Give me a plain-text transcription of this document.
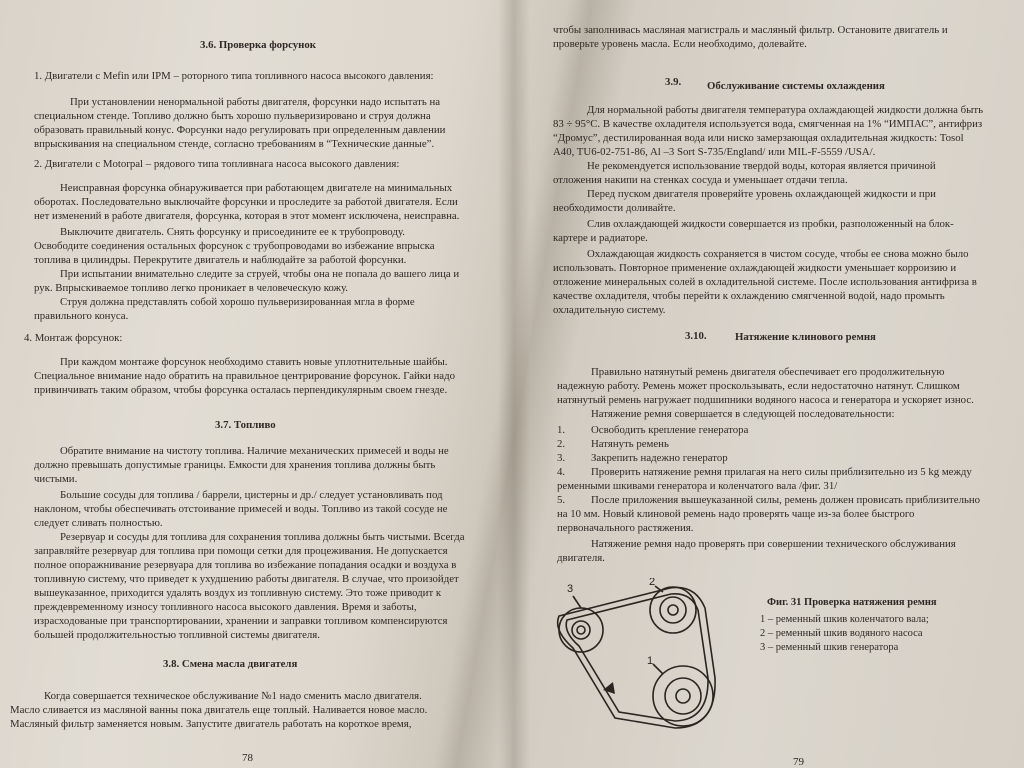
3.6. Проверка форсунок
1. Двигатели с Mefin или IPM – роторного типа топливного насоса высокого давления:
При установлении ненормальной работы двигателя, форсунки надо испытать на
специальном стенде. Топливо должно быть хорошо пульверизировано и струя должна
образовать правильный конус. Форсунки надо регулировать при определенным давлении
впрыскивания на специальном стенде, согласно требованиям в “Технические данные”.
2. Двигатели с Motorpal – рядового типа топливнага насоса высокого давления:
Неисправная форсунка обнаруживается при работающем двигателе на минимальных
оборотах. Последовательно выключайте форсунки и проследите за работой двигателя. Если
нет изменений в работе двигателя, форсунка, которая в этот момент исключена, неисправна.
Выключите двигатель. Снять форсунку и присоедините ее к трубопроводу.
Освободите соединения остальных форсунок с трубопроводами во избежание впрыска
топлива в цилиндры. Перекрутите двигатель и наблюдайте за работой форсунки.
При испытании внимательно следите за струей, чтобы она не попала до вашего лица и
рук. Впрыскиваемое топливо легко проникает в человеческую кожу.
Струя должна представлять собой хорошо пульверизированная мгла в форме
правильного конуса.
4. Монтаж форсунок:
При каждом монтаже форсунок необходимо ставить новые уплотнительные шайбы.
Специальное внимание надо обратить на правильное центрирование форсунок. Гайки надо
привинчивать таким образом, чтобы форсунка осталась перпендикулярным своем гнезде.
3.7. Топливо
Обратите внимание на чистоту топлива. Наличие механических примесей и воды не
должно превышать допустимые границы. Емкости для хранения топлива должны быть
чистыми.
Большие сосуды для топлива / баррели, цистерны и др./ следует установливать под
наклоном, чтобы обеспечивать отстоивание примесей и воды. Топливо из такой сосуде не
следует сливать полностью.
Резервуар и сосуды для топлива для сохранения топлива должны быть чистыми. Всегда
заправляйте резервуар для топлива при помощи сетки для процеживания. Не допускается
полное опоражнивание резервуара для топлива во избежание попадания осадки и воздуха в
топливную систему, что приведет к ухудшению работы двигателя. В случае, что произойдет
вышеуказанное, приходится удалять воздух из топливную систему. Это тоже приводит к
преждевременному износу топливного насоса высокого давления. Время и заботы,
израсходованые при транспортировании, хранении и заправки топливом компенсируются
большей продолжительностью топливной системы двигателя.
3.8. Смена масла двигателя
Когда совершается техническое обслуживание №1 надо сменить масло двигателя.
Масло сливается из масляной ванны пока двигатель еще топлый. Наливается новое масло.
Масляный фильтр заменяется новым. Запустите двигатель работать на короткое время,
78
чтобы заполнивась масляная магистраль и масляный фильтр. Остановите двигатель и
проверьте уровень масла. Если необходимо, долевайте.
3.9. Обслуживание системы охлаждения
Для нормальной работы двигателя температура охлаждающей жидкости должна быть
83 ÷ 95°C. В качестве охладителя используется вода, смягченная на 1% “ИМПАС”, антифриз
“Дромус”, дестилированная вода или ниско замерзающая охладительная жидкость: Tosol
A40, TU6-02-751-86, Al –3 Sort S-735/England/ или MIL-F-5559 /USA/.
Не рекомендуется использование твердой воды, которая является причиной
отложения накипи на стенках сосуда и уменьшает отдачи тепла.
Перед пуском двигателя проверяйте уровень охлаждающей жидкости и при
необходимости доливайте.
Слив охлаждающей жидкости совершается из пробки, разположенный на блок-
картере и радиаторе.
Охлаждающая жидкость сохраняется в чистом сосуде, чтобы ее снова можно было
использовать. Повторное применение охлаждающей жидкости уменьшает корроизию и
отложение минеральных солей в охладительной системе. После использования антифриза в
качестве охладителя, чтобы перейти к охлаждению смягченной водой, надо промыть
охладительную систему.
3.10.	Натяжение клинового ремня
Правильно натянутый ремень двигателя обеспечивает его продолжительную
надежную работу. Ремень может проскользывать, если недостаточно натянут. Слишком
натянутый ремень нагружает подшипники водяного насоса и генератора и ускоряет износ.
Натяжение ремня совершается в следующей последовательности:
1. Освободить крепление генератора
2. Натянуть ремень
3. Закрепить надежно генератор
4. Проверить натяжение ремня прилагая на него силы приблизительно из 5 kg между
ременными шкивами генератора и коленчатого вала /фиг. 31/
5. После приложения вышеуказанной силы, ремень должен провисать приблизительно
на 10 мм. Новый клиновой ремень надо проверять чаще из-за более быстрого
первоначального растяжения.
Натяжение ремня надо проверять при совершении технического обслуживания
двигателя.
3
2
1
Фиг. 31 Проверка натяжения ремня
1 – ременный шкив коленчатого вала;
2 – ременный шкив водяного насоса
3 – ременный шкив генератора
79
